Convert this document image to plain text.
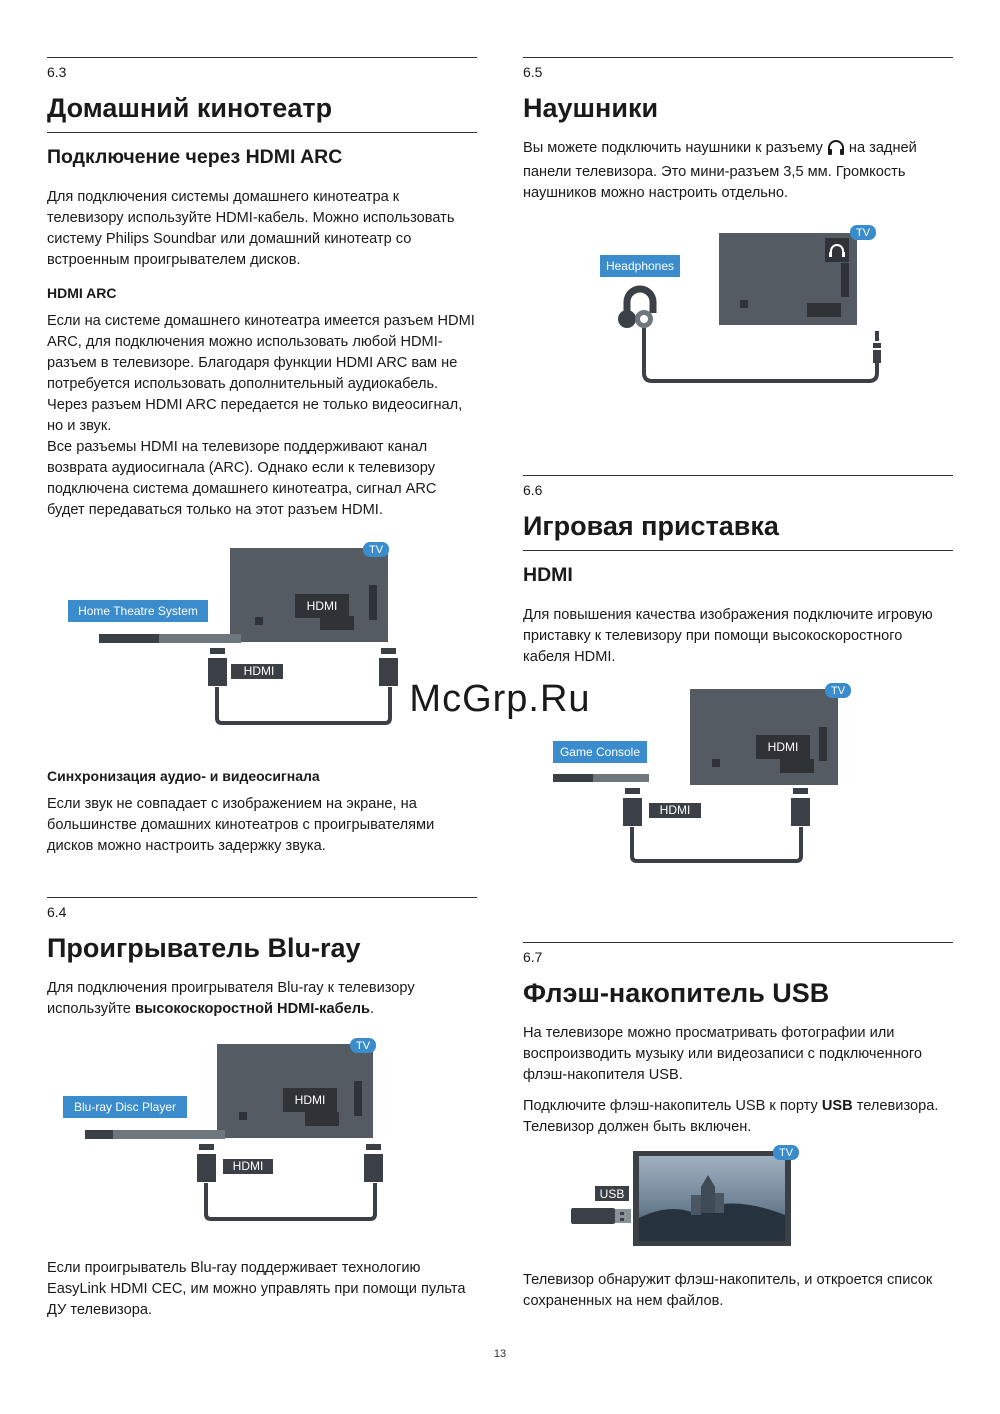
6.3
Домашний кинотеатр
Подключение через HDMI ARC

Для подключения системы домашнего кинотеатра к телевизору используйте HDMI-кабель. Можно использовать систему Philips Soundbar или домашний кинотеатр со встроенным проигрывателем дисков.

HDMI ARC

Если на системе домашнего кинотеатра имеется разъем HDMI ARC, для подключения можно использовать любой HDMI-разъем в телевизоре. Благодаря функции HDMI ARC вам не потребуется использовать дополнительный аудиокабель. Через разъем HDMI ARC передается не только видеосигнал, но и звук.

Все разъемы HDMI на телевизоре поддерживают канал возврата аудиосигнала (ARC). Однако если к телевизору подключена система домашнего кинотеатра, сигнал ARC будет передаваться только на этот разъем HDMI.

HDMI
TV
Home Theatre System
HDMI
Синхронизация аудио- и видеосигнала

Если звук не совпадает с изображением на экране, на большинстве домашних кинотеатров с проигрывателями дисков можно настроить задержку звука.

6.4
Проигрыватель Blu-ray

Для подключения проигрывателя Blu-ray к телевизору используйте высокоскоростной HDMI-кабель.

HDMI
TV
Blu-ray Disc Player
HDMI

Если проигрыватель Blu-ray поддерживает технологию EasyLink HDMI CEC, им можно управлять при помощи пульта ДУ телевизора.

6.5
Наушники

Вы можете подключить наушники к разъему  на задней панели телевизора. Это мини-разъем 3,5 мм. Громкость наушников можно настроить отдельно.

TV
Headphones
6.6
Игровая приставка
HDMI

Для повышения качества изображения подключите игровую приставку к телевизору при помощи высокоскоростного кабеля HDMI.

HDMI
TV
Game Console
HDMI
6.7
Флэш-накопитель USB

На телевизоре можно просматривать фотографии или воспроизводить музыку или видеозаписи с подключенного флэш-накопителя USB.

Подключите флэш-накопитель USB к порту USB телевизора. Телевизор должен быть включен.

TV
USB

Телевизор обнаружит флэш-накопитель, и откроется список сохраненных на нем файлов.

McGrp.Ru
13
